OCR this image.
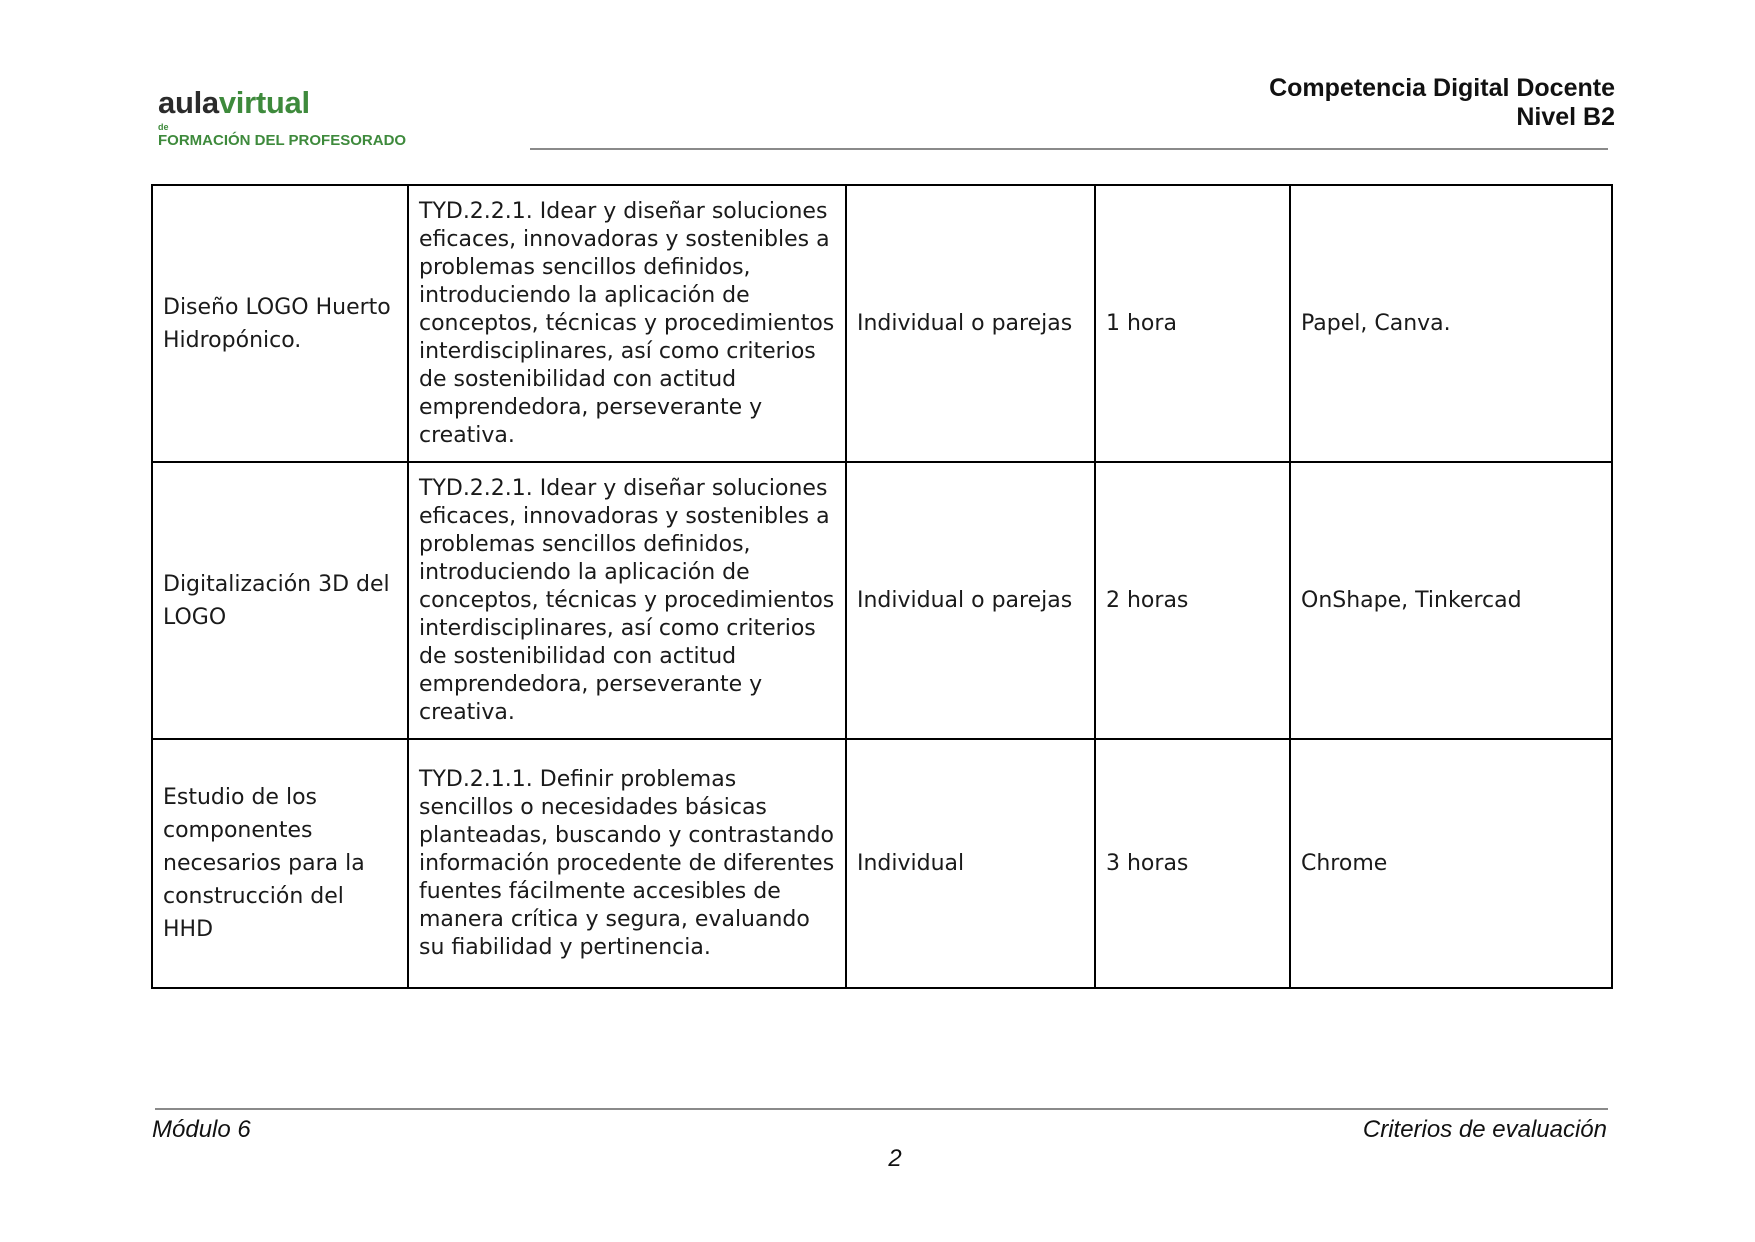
aulavirtual
de
FORMACIÓN DEL PROFESORADO
Competencia Digital Docente
Nivel B2
Diseño LOGO Huerto Hidropónico.	TYD.2.2.1. Idear y diseñar soluciones eficaces, innovadoras y sostenibles a problemas sencillos definidos, introduciendo la aplicación de conceptos, técnicas y procedimientos interdisciplinares, así como criterios de sostenibilidad con actitud emprendedora, perseverante y creativa.	Individual o parejas	1 hora	Papel, Canva.
Digitalización 3D del LOGO	TYD.2.2.1. Idear y diseñar soluciones eficaces, innovadoras y sostenibles a problemas sencillos definidos, introduciendo la aplicación de conceptos, técnicas y procedimientos interdisciplinares, así como criterios de sostenibilidad con actitud emprendedora, perseverante y creativa.	Individual o parejas	2 horas	OnShape, Tinkercad
Estudio de los componentes necesarios para la construcción del HHD	TYD.2.1.1. Definir problemas sencillos o necesidades básicas planteadas, buscando y contrastando información procedente de diferentes fuentes fácilmente accesibles de manera crítica y segura, evaluando su fiabilidad y pertinencia.	Individual	3 horas	Chrome
Módulo 6	Criterios de evaluación
2
